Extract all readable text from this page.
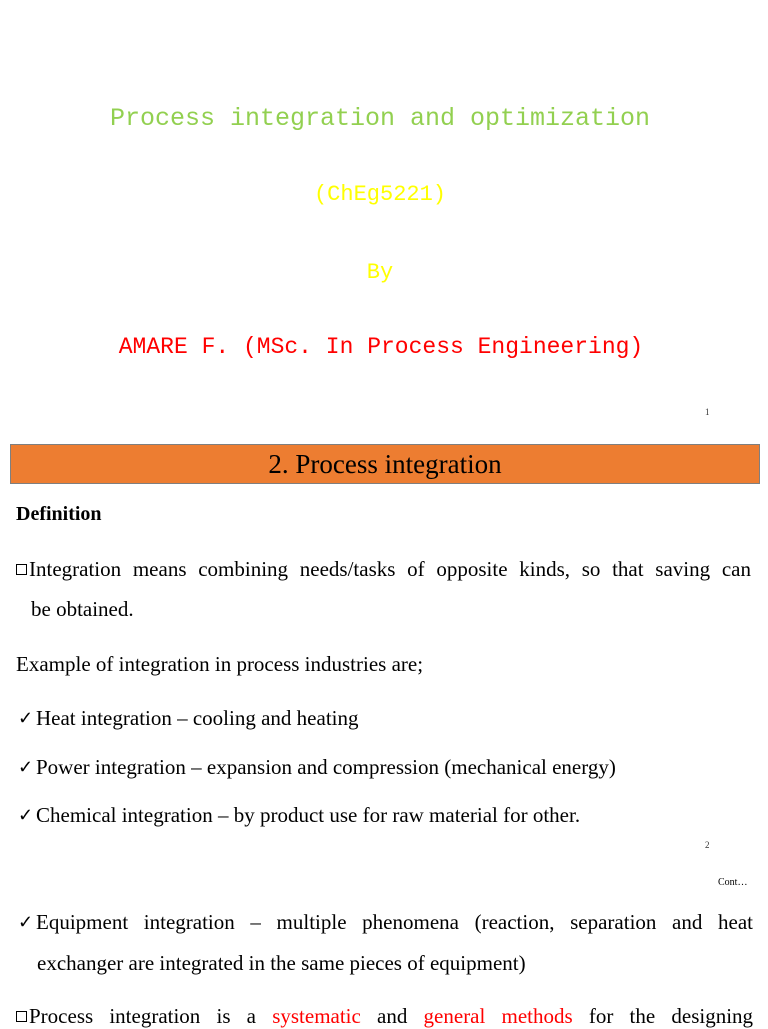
Process integration and optimization
(ChEg5221)
By
AMARE F. (MSc. In Process Engineering)
1
2. Process integration
Definition
Integration means combining needs/tasks of opposite kinds, so that saving can
be obtained.
Example of integration in process industries are;
✓ Heat integration – cooling and heating
✓ Power integration – expansion and compression (mechanical energy)
✓ Chemical integration – by product use for raw material for other.
2
Cont…
✓ Equipment integration – multiple phenomena (reaction, separation and heat
exchanger are integrated in the same pieces of equipment)
Process integration is a systematic and general methods for the designing
